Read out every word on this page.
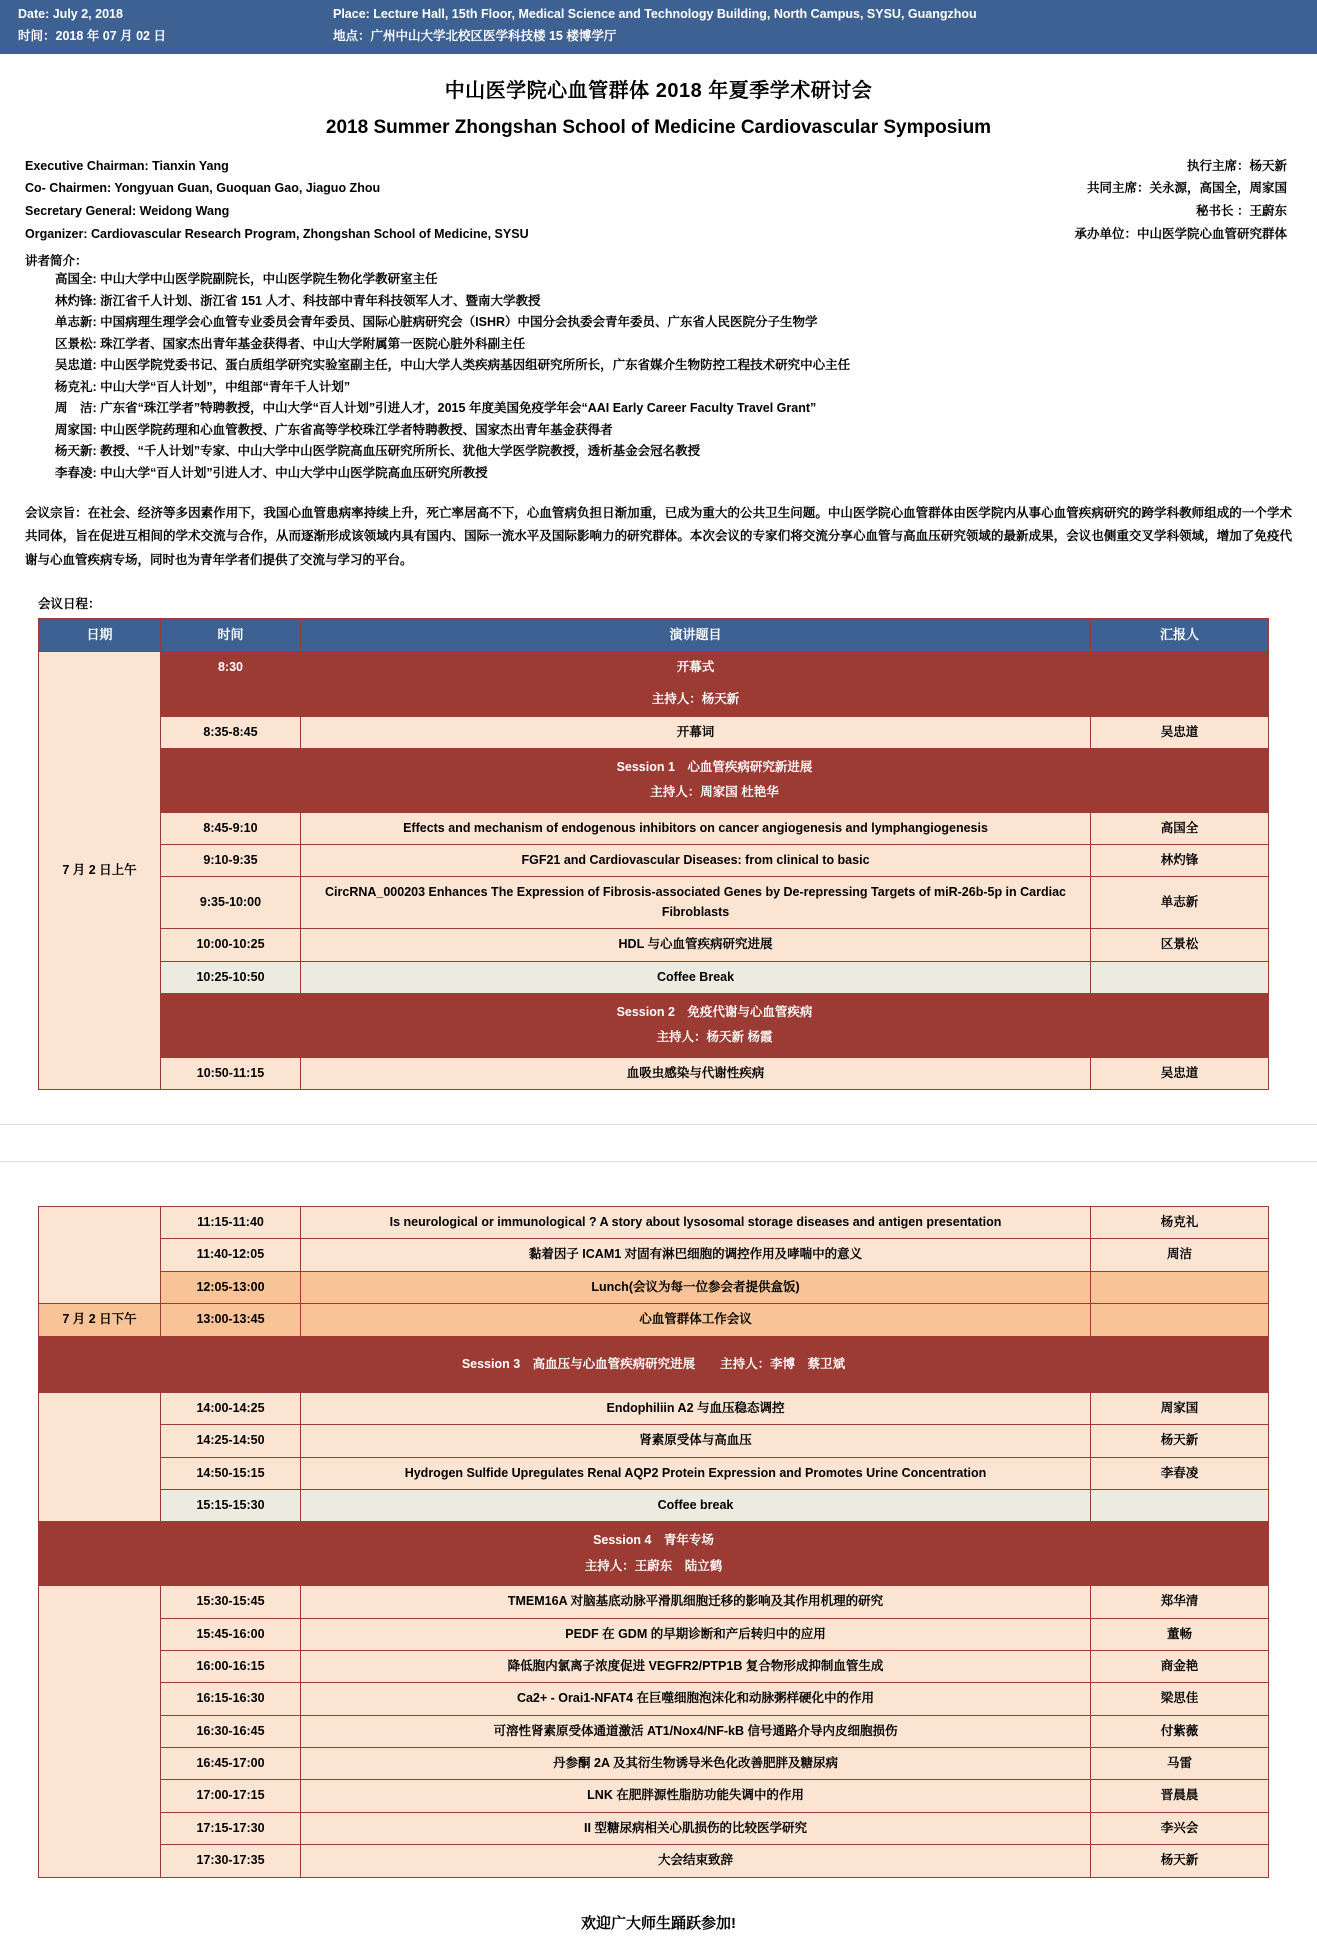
Date: July 2, 2018	Place: Lecture Hall, 15th Floor, Medical Science and Technology Building, North Campus, SYSU, Guangzhou
时间：2018 年 07 月 02 日	地点：广州中山大学北校区医学科技楼 15 楼博学厅
中山医学院心血管群体 2018 年夏季学术研讨会
2018 Summer Zhongshan School of Medicine Cardiovascular Symposium
Executive Chairman: Tianxin Yang	执行主席：杨天新
Co- Chairmen: Yongyuan Guan, Guoquan Gao, Jiaguo Zhou	共同主席：关永源，高国全，周家国
Secretary General: Weidong Wang	秘书长 ：王蔚东
Organizer: Cardiovascular Research Program, Zhongshan School of Medicine, SYSU	承办单位：中山医学院心血管研究群体
讲者简介：
高国全: 中山大学中山医学院副院长，中山医学院生物化学教研室主任
林灼锋: 浙江省千人计划、浙江省 151 人才、科技部中青年科技领军人才、暨南大学教授
单志新: 中国病理生理学会心血管专业委员会青年委员、国际心脏病研究会（ISHR）中国分会执委会青年委员、广东省人民医院分子生物学
区景松: 珠江学者、国家杰出青年基金获得者、中山大学附属第一医院心脏外科副主任
吴忠道: 中山医学院党委书记、蛋白质组学研究实验室副主任，中山大学人类疾病基因组研究所所长，广东省媒介生物防控工程技术研究中心主任
杨克礼: 中山大学“百人计划”，中组部“青年千人计划”
周　洁: 广东省“珠江学者”特聘教授，中山大学“百人计划”引进人才，2015 年度美国免疫学年会“AAI Early Career Faculty Travel Grant”
周家国: 中山医学院药理和心血管教授、广东省高等学校珠江学者特聘教授、国家杰出青年基金获得者
杨天新: 教授、“千人计划”专家、中山大学中山医学院高血压研究所所长、犹他大学医学院教授，透析基金会冠名教授
李春凌: 中山大学“百人计划”引进人才、中山大学中山医学院高血压研究所教授
会议宗旨：在社会、经济等多因素作用下，我国心血管患病率持续上升，死亡率居高不下，心血管病负担日渐加重，已成为重大的公共卫生问题。中山医学院心血管群体由医学院内从事心血管疾病研究的跨学科教师组成的一个学术共同体，旨在促进互相间的学术交流与合作，从而逐渐形成该领域内具有国内、国际一流水平及国际影响力的研究群体。本次会议的专家们将交流分享心血管与高血压研究领域的最新成果，会议也侧重交叉学科领域，增加了免疫代谢与心血管疾病专场，同时也为青年学者们提供了交流与学习的平台。
会议日程：
日期	时间	演讲题目	汇报人
7 月 2 日上午	8:30	开幕式	
		主持人：杨天新	
	8:35-8:45	开幕词	吴忠道

	Session 1　心血管疾病研究新进展
主持人：周家国 杜艳华		

	8:45-9:10	Effects and mechanism of endogenous inhibitors on cancer angiogenesis and lymphangiogenesis	高国全
	9:10-9:35	FGF21 and Cardiovascular Diseases: from clinical to basic	林灼锋
	9:35-10:00	CircRNA_000203 Enhances The Expression of Fibrosis-associated Genes by De-repressing Targets of miR-26b-5p in Cardiac Fibroblasts	单志新
	10:00-10:25	HDL 与心血管疾病研究进展	区景松
	10:25-10:50	Coffee Break	

	Session 2　免疫代谢与心血管疾病
主持人：杨天新 杨霞		

	10:50-11:15	血吸虫感染与代谢性疾病	吴忠道
	11:15-11:40	Is neurological or immunological ? A story about lysosomal storage diseases and antigen presentation	杨克礼
	11:40-12:05	黏着因子 ICAM1 对固有淋巴细胞的调控作用及哮喘中的意义	周洁
	12:05-13:00	Lunch(会议为每一位参会者提供盒饭)	
7 月 2 日下午	13:00-13:45	心血管群体工作会议	

Session 3　高血压与心血管疾病研究进展　　主持人：李博　蔡卫斌			

	14:00-14:25	Endophiliin A2 与血压稳态调控	周家国
	14:25-14:50	肾素原受体与高血压	杨天新
	14:50-15:15	Hydrogen Sulfide Upregulates Renal AQP2 Protein Expression and Promotes Urine Concentration	李春凌
	15:15-15:30	Coffee break	

Session 4　青年专场
主持人：王蔚东　陆立鹤			

	15:30-15:45	TMEM16A 对脑基底动脉平滑肌细胞迁移的影响及其作用机理的研究	郑华清
	15:45-16:00	PEDF 在 GDM 的早期诊断和产后转归中的应用	董畅
	16:00-16:15	降低胞内氯离子浓度促进 VEGFR2/PTP1B 复合物形成抑制血管生成	商金艳
	16:15-16:30	Ca2+ - Orai1-NFAT4 在巨噬细胞泡沫化和动脉粥样硬化中的作用	梁思佳
	16:30-16:45	可溶性肾素原受体通道激活 AT1/Nox4/NF-kB 信号通路介导内皮细胞损伤	付紫薇
	16:45-17:00	丹参酮 2A 及其衍生物诱导米色化改善肥胖及糖尿病	马雷
	17:00-17:15	LNK 在肥胖源性脂肪功能失调中的作用	晋晨晨
	17:15-17:30	II 型糖尿病相关心肌损伤的比较医学研究	李兴会
	17:30-17:35	大会结束致辞	杨天新
欢迎广大师生踊跃参加!
